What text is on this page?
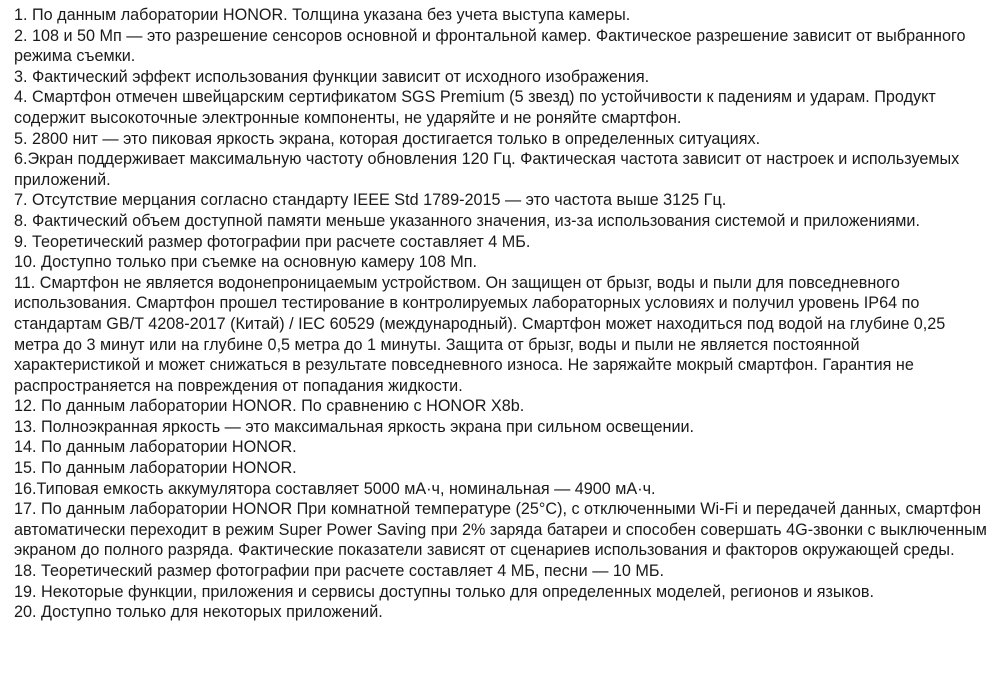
1. По данным лаборатории HONOR. Толщина указана без учета выступа камеры.
2. 108 и 50 Мп — это разрешение сенсоров основной и фронтальной камер. Фактическое разрешение зависит от выбранного режима съемки.
3. Фактический эффект использования функции зависит от исходного изображения.
4. Смартфон отмечен швейцарским сертификатом SGS Premium (5 звезд) по устойчивости к падениям и ударам. Продукт содержит высокоточные электронные компоненты, не ударяйте и не роняйте смартфон.
5. 2800 нит — это пиковая яркость экрана, которая достигается только в определенных ситуациях.
6.Экран поддерживает максимальную частоту обновления 120 Гц. Фактическая частота зависит от настроек и используемых приложений.
7. Отсутствие мерцания согласно стандарту IEEE Std 1789-2015 — это частота выше 3125 Гц.
8. Фактический объем доступной памяти меньше указанного значения, из-за использования системой и приложениями.
9. Теоретический размер фотографии при расчете составляет 4 МБ.
10. Доступно только при съемке на основную камеру 108 Мп.
11. Смартфон не является водонепроницаемым устройством. Он защищен от брызг, воды и пыли для повседневного использования. Смартфон прошел тестирование в контролируемых лабораторных условиях и получил уровень IP64 по стандартам GB/T 4208-2017 (Китай) / IEC 60529 (международный). Смартфон может находиться под водой на глубине 0,25 метра до 3 минут или на глубине 0,5 метра до 1 минуты. Защита от брызг, воды и пыли не является постоянной характеристикой и может снижаться в результате повседневного износа. Не заряжайте мокрый смартфон. Гарантия не распространяется на повреждения от попадания жидкости.
12. По данным лаборатории HONOR. По сравнению с HONOR X8b.
13. Полноэкранная яркость — это максимальная яркость экрана при сильном освещении.
14. По данным лаборатории HONOR.
15. По данным лаборатории HONOR.
16.Типовая емкость аккумулятора составляет 5000 мА·ч, номинальная — 4900 мА·ч.
17. По данным лаборатории HONOR При комнатной температуре (25°C), с отключенными Wi-Fi и передачей данных, смартфон автоматически переходит в режим Super Power Saving при 2% заряда батареи и способен совершать 4G-звонки с выключенным экраном до полного разряда. Фактические показатели зависят от сценариев использования и факторов окружающей среды.
18. Теоретический размер фотографии при расчете составляет 4 МБ, песни — 10 МБ.
19. Некоторые функции, приложения и сервисы доступны только для определенных моделей, регионов и языков.
20. Доступно только для некоторых приложений.
